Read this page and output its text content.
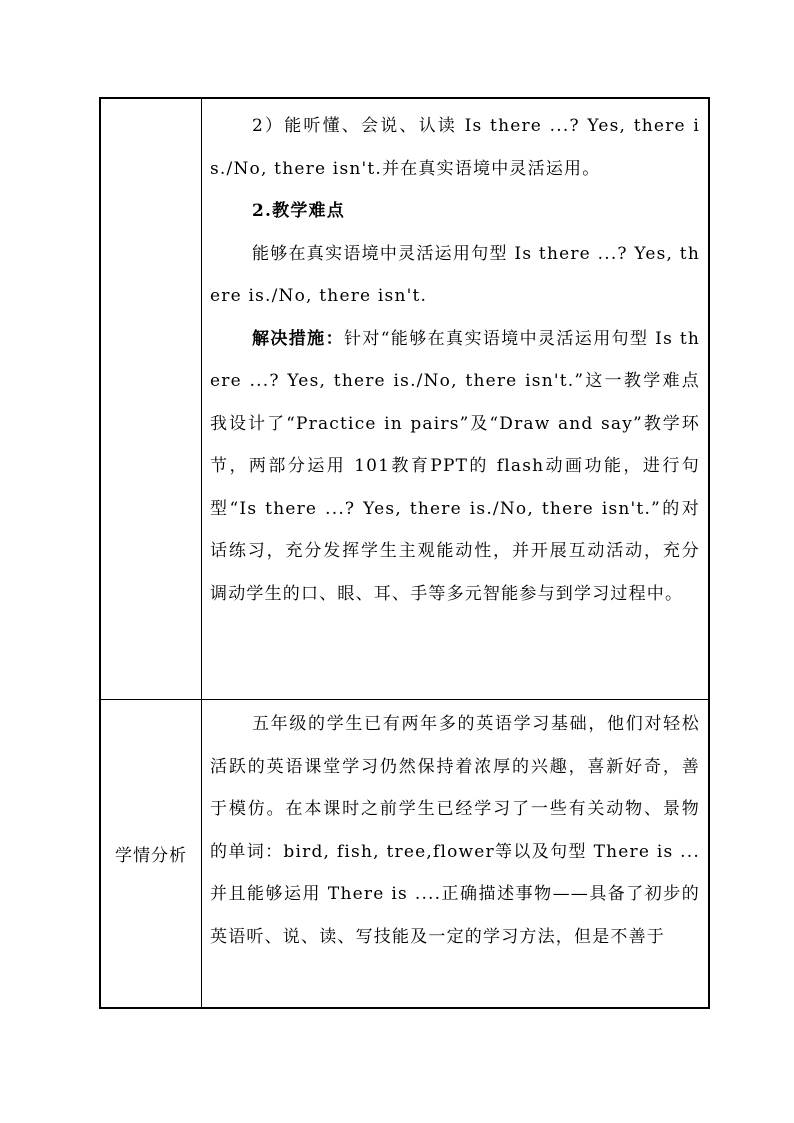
	2）能听懂、会说、认读 Is there ...? Yes, there is./No, there isn't.并在真实语境中灵活运用。

2.教学难点

能够在真实语境中灵活运用句型 Is there ...? Yes, there is./No, there isn't.

解决措施：针对“能够在真实语境中灵活运用句型 Is there ...? Yes, there is./No, there isn't.”这一教学难点我设计了“Practice in pairs”及“Draw and say”教学环节，两部分运用 101教育PPT的 flash动画功能，进行句型“Is there ...? Yes, there is./No, there isn't.”的对话练习，充分发挥学生主观能动性，并开展互动活动，充分调动学生的口、眼、耳、手等多元智能参与到学习过程中。

学情分析	五年级的学生已有两年多的英语学习基础，他们对轻松活跃的英语课堂学习仍然保持着浓厚的兴趣，喜新好奇，善于模仿。在本课时之前学生已经学习了一些有关动物、景物的单词：bird, fish, tree,flower等以及句型 There is ...并且能够运用 There is ....正确描述事物——具备了初步的英语听、说、读、写技能及一定的学习方法，但是不善于
